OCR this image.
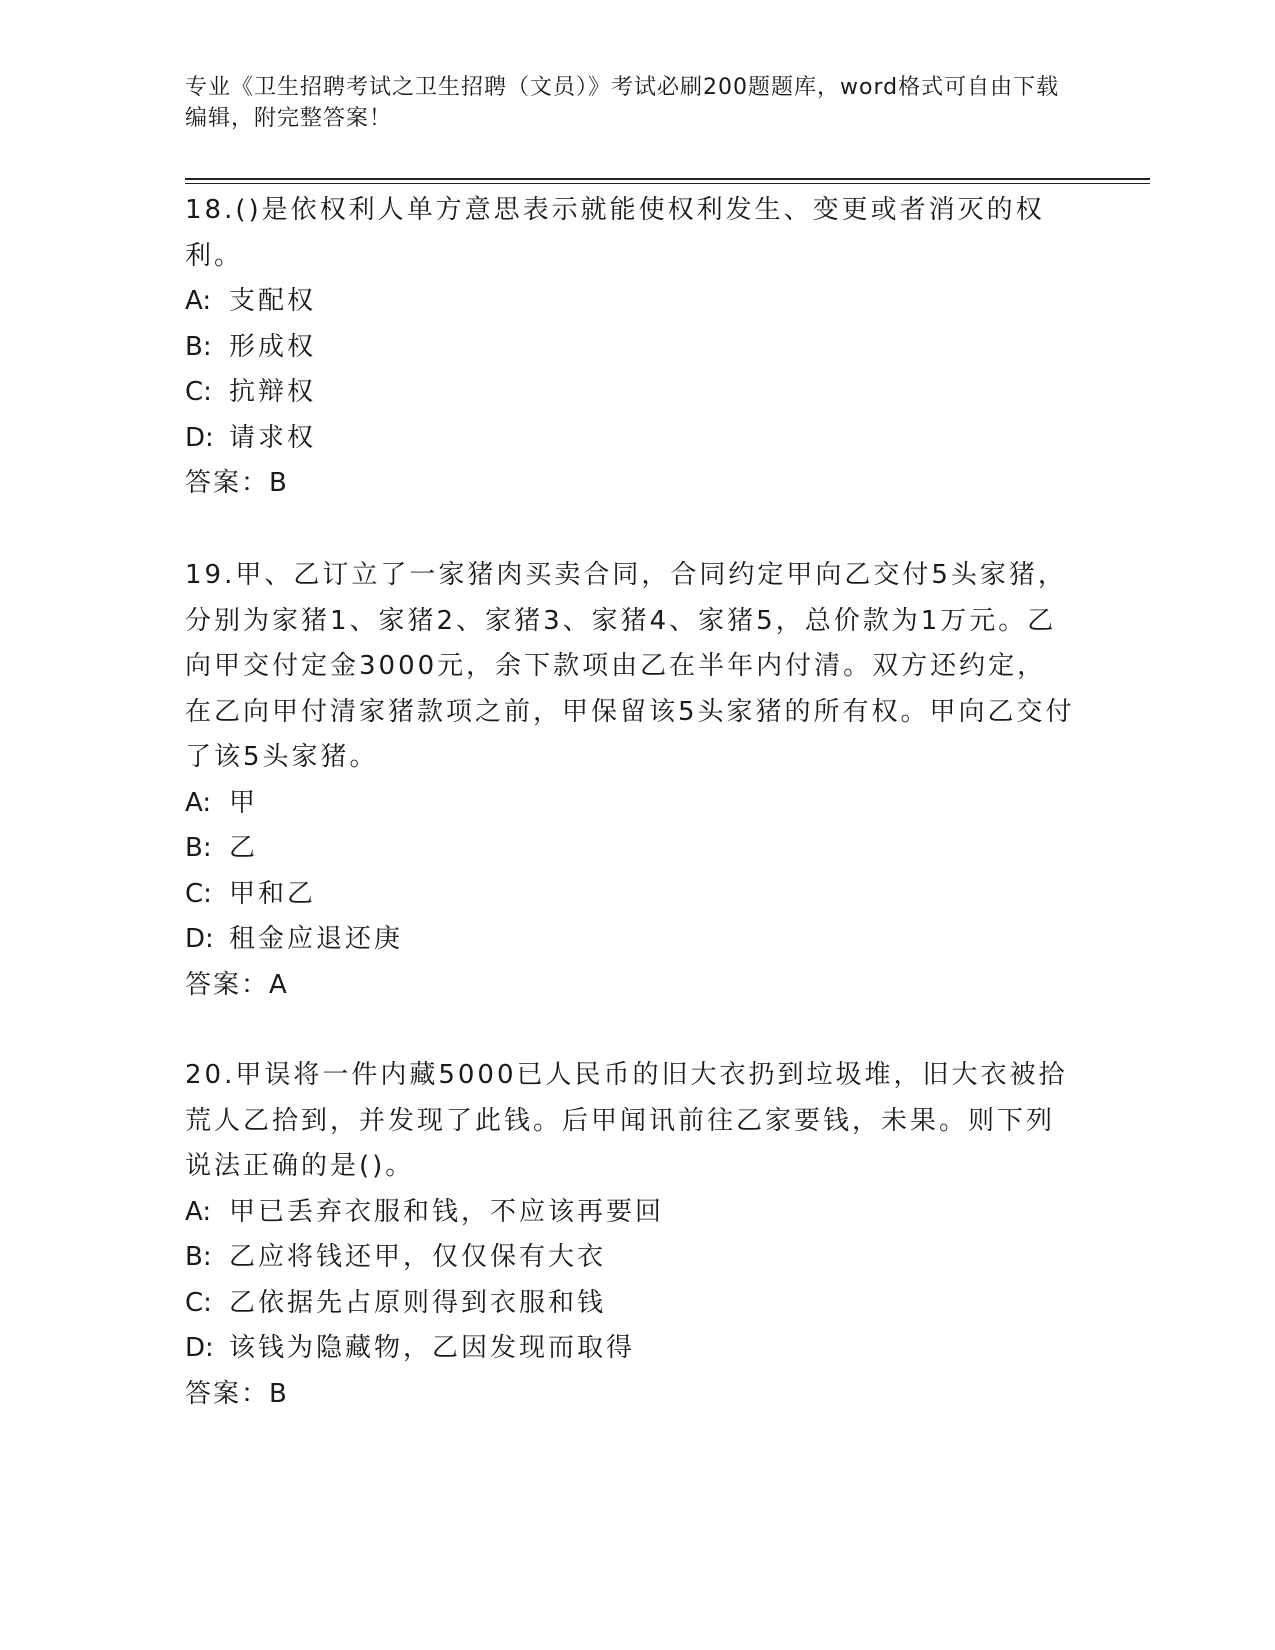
专业《卫生招聘考试之卫生招聘（文员）》考试必刷200题题库，word格式可自由下载编辑，附完整答案！

18.()是依权利人单方意思表示就能使权利发生、变更或者消灭的权利。

A: 支配权

B: 形成权

C: 抗辩权

D: 请求权

答案：B

19.甲、乙订立了一家猪肉买卖合同，合同约定甲向乙交付5头家猪，分别为家猪1、家猪2、家猪3、家猪4、家猪5，总价款为1万元。乙向甲交付定金3000元，余下款项由乙在半年内付清。双方还约定，在乙向甲付清家猪款项之前，甲保留该5头家猪的所有权。甲向乙交付了该5头家猪。

A: 甲

B: 乙

C: 甲和乙

D: 租金应退还庚

答案：A

20.甲误将一件内藏5000已人民币的旧大衣扔到垃圾堆，旧大衣被拾荒人乙拾到，并发现了此钱。后甲闻讯前往乙家要钱，未果。则下列说法正确的是()。

A: 甲已丢弃衣服和钱，不应该再要回

B: 乙应将钱还甲，仅仅保有大衣

C: 乙依据先占原则得到衣服和钱

D: 该钱为隐藏物，乙因发现而取得

答案：B
